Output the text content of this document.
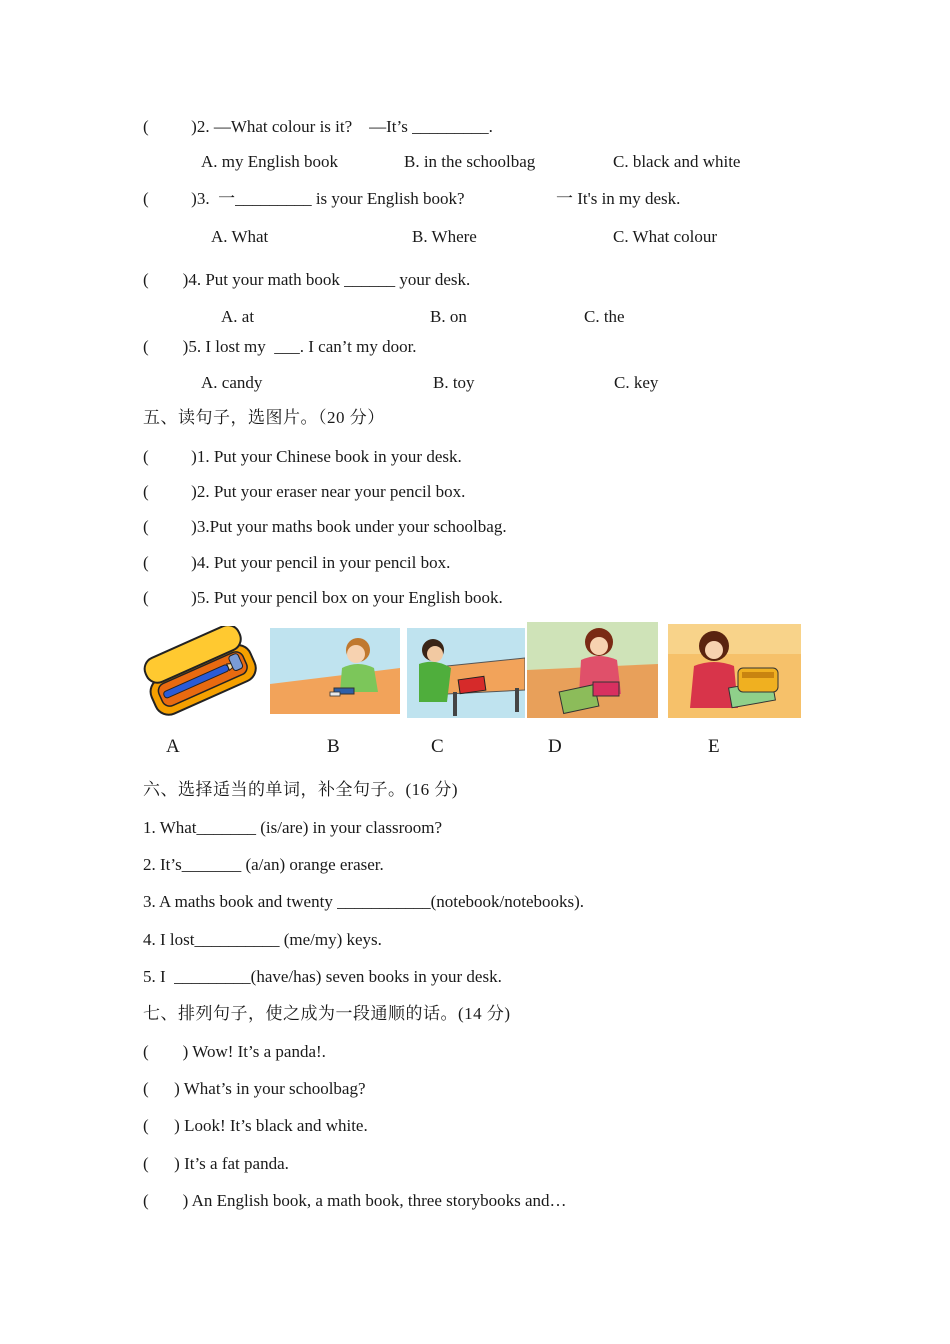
(          )2. —What colour is it?    —It’s _________.
A. my English book	B. in the schoolbag	C. black and white
(          )3.  一_________ is your English book?	一 It's in my desk.
A. What	B. Where	C. What colour
(        )4. Put your math book ______ your desk.
A. at	B. on	C. the
(        )5. I lost my  ___. I can’t my door.
A. candy	B. toy	C. key
五、读句子，选图片。（20 分）
(          )1. Put your Chinese book in your desk.
(          )2. Put your eraser near your pencil box.
(          )3.Put your maths book under your schoolbag.
(          )4. Put your pencil in your pencil box.
(          )5. Put your pencil box on your English book.
A	B	C	D	E
六、选择适当的单词，补全句子。(16 分)
1. What_______ (is/are) in your classroom?
2. It’s_______ (a/an) orange eraser.
3. A maths book and twenty ___________(notebook/notebooks).
4. I lost__________ (me/my) keys.
5. I  _________(have/has) seven books in your desk.
七、排列句子，使之成为一段通顺的话。(14 分)
(        ) Wow! It’s a panda!.
(      ) What’s in your schoolbag?
(      ) Look! It’s black and white.
(      ) It’s a fat panda.
(        ) An English book, a math book, three storybooks and…
